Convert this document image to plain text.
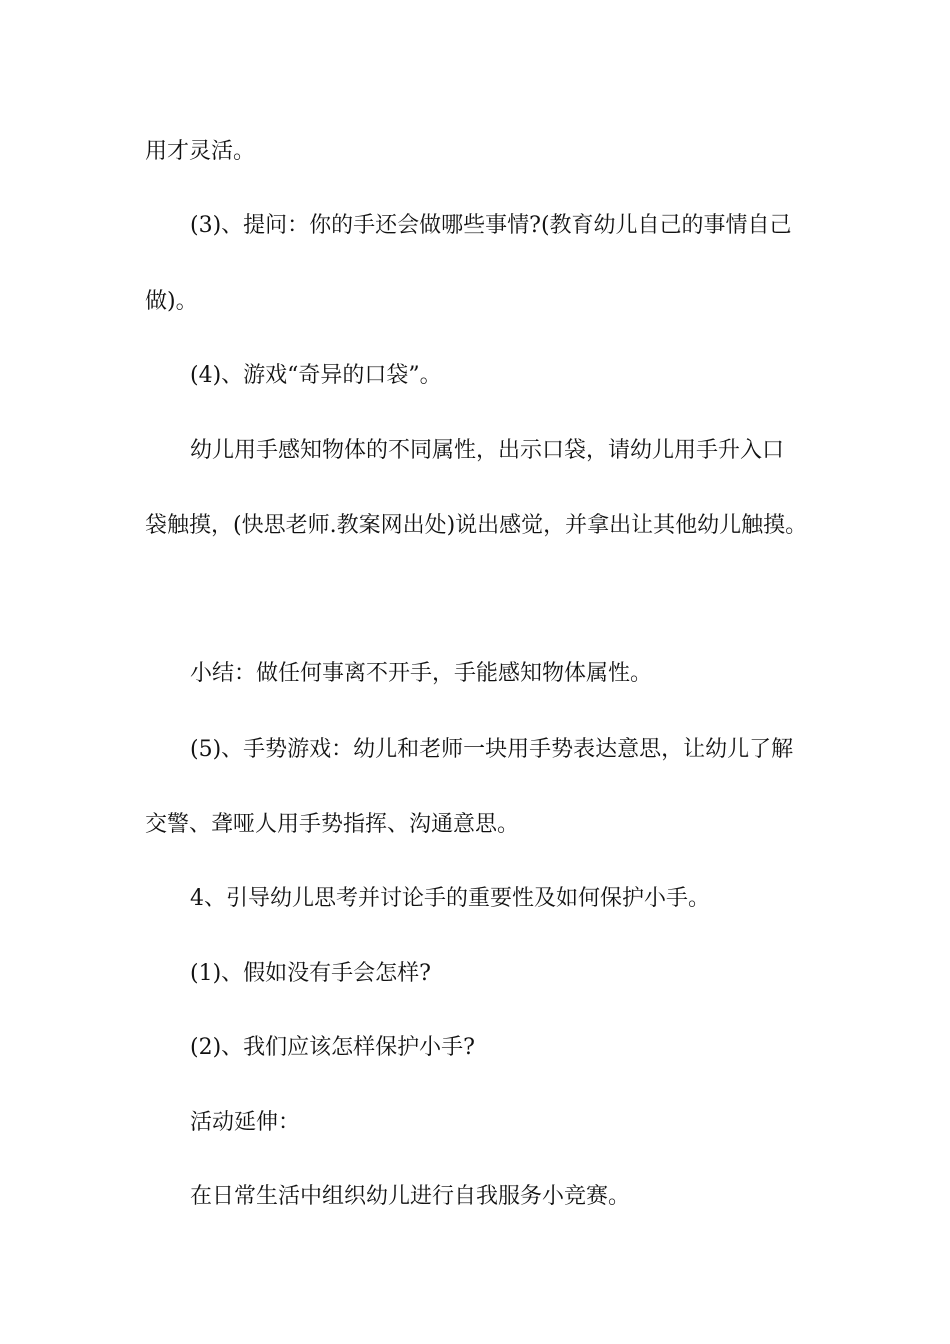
用才灵活。
(3)、提问：你的手还会做哪些事情?(教育幼儿自己的事情自己
做)。
(4)、游戏“奇异的口袋”。
幼儿用手感知物体的不同属性，出示口袋，请幼儿用手升入口
袋触摸，(快思老师.教案网出处)说出感觉，并拿出让其他幼儿触摸。
小结：做任何事离不开手，手能感知物体属性。
(5)、手势游戏：幼儿和老师一块用手势表达意思，让幼儿了解
交警、聋哑人用手势指挥、沟通意思。
4、引导幼儿思考并讨论手的重要性及如何保护小手。
(1)、假如没有手会怎样?
(2)、我们应该怎样保护小手?
活动延伸：
在日常生活中组织幼儿进行自我服务小竞赛。
